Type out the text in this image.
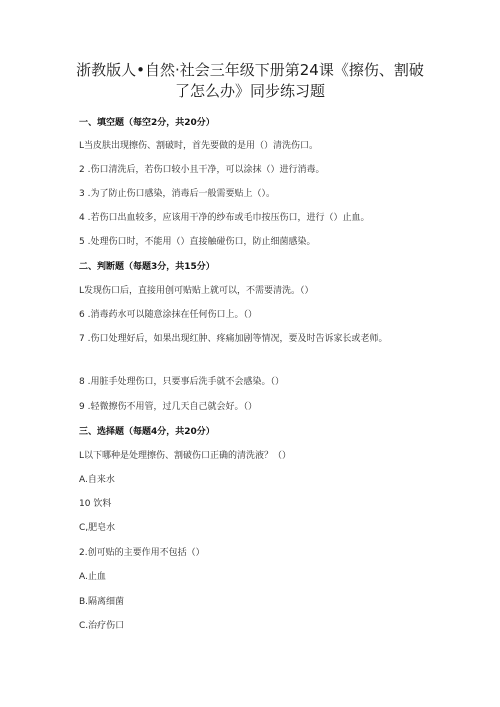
浙教版人•自然·社会三年级下册第24课《擦伤、割破
了怎么办》同步练习题
一、填空题（每空2分，共20分）
L当皮肤出现擦伤、割破时，首先要做的是用（）清洗伤口。
2 .伤口清洗后，若伤口较小且干净，可以涂抹（）进行消毒。
3 .为了防止伤口感染，消毒后一般需要贴上（）。
4 .若伤口出血较多，应该用干净的纱布或毛巾按压伤口，进行（）止血。
5 .处理伤口时，不能用（）直接触碰伤口，防止细菌感染。
二、判断题（每题3分，共15分）
L发现伤口后，直接用创可贴贴上就可以，不需要清洗。（）
6 .消毒药水可以随意涂抹在任何伤口上。（）
7 .伤口处理好后，如果出现红肿、疼痛加剧等情况，要及时告诉家长或老师。
8 .用脏手处理伤口，只要事后洗手就不会感染。（）
9 .轻微擦伤不用管，过几天自己就会好。（）
三、选择题（每题4分，共20分）
L以下哪种是处理擦伤、割破伤口正确的清洗液？（）
A.自来水
10 饮料
C,肥皂水
2.创可贴的主要作用不包括（）
A.止血
B.隔离细菌
C.治疗伤口
